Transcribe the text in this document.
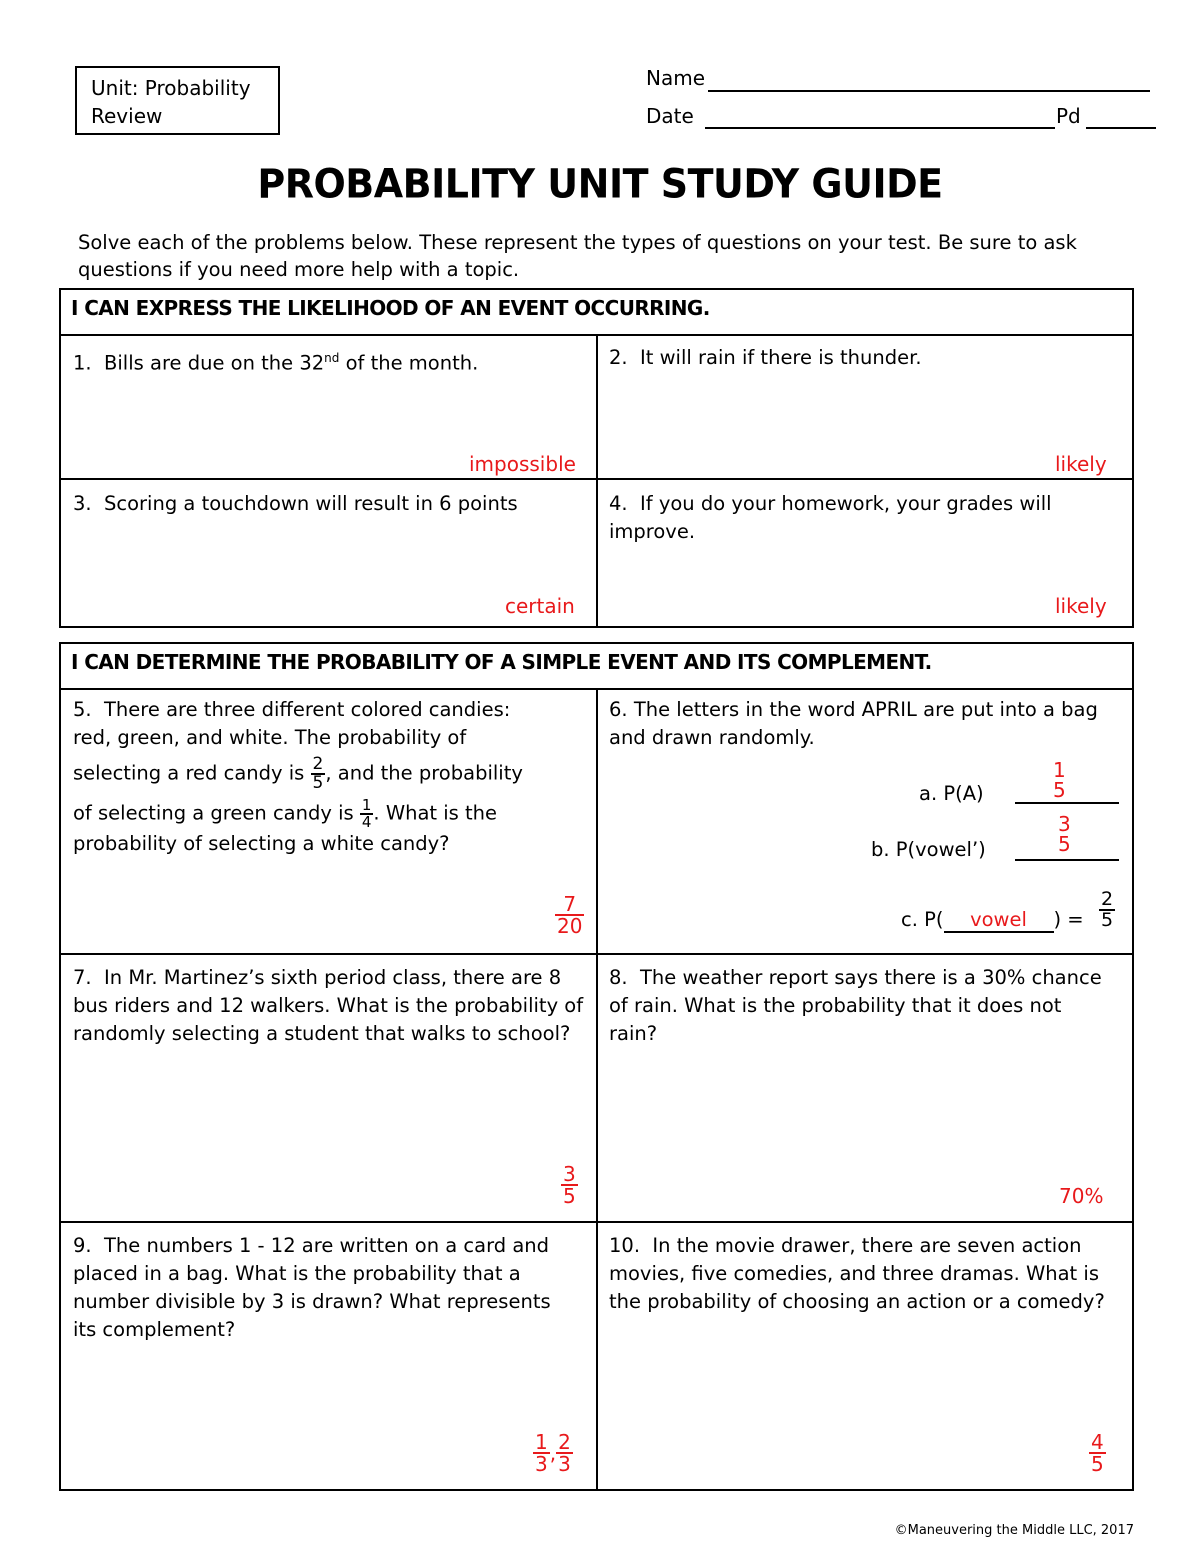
Unit: Probability
Review
Name
Date	Pd
PROBABILITY UNIT STUDY GUIDE
Solve each of the problems below. These represent the types of questions on your test. Be sure to ask questions if you need more help with a topic.
I CAN EXPRESS THE LIKELIHOOD OF AN EVENT OCCURRING.
1. Bills are due on the 32nd of the month.
impossible
2. It will rain if there is thunder.
likely
3. Scoring a touchdown will result in 6 points
certain
4. If you do your homework, your grades will improve.
likely
I CAN DETERMINE THE PROBABILITY OF A SIMPLE EVENT AND ITS COMPLEMENT.
5. There are three different colored candies:
red, green, and white. The probability of
selecting a red candy is $\frac{2}{5}$ , and the probability
of selecting a green candy is $\frac{1}{4}$ . What is the
probability of selecting a white candy?
$\frac{7}{20}$
6. The letters in the word APRIL are put into a bag and drawn randomly.
a. P(A)
1
5
b. P(vowel’)
3
5
c. P( vowel ) = $\frac{2}{5}$
7. In Mr. Martinez’s sixth period class, there are 8 bus riders and 12 walkers. What is the probability of randomly selecting a student that walks to school?
$\frac{3}{5}$
8. The weather report says there is a 30% chance of rain. What is the probability that it does not rain?
70%
9. The numbers 1 - 12 are written on a card and placed in a bag. What is the probability that a number divisible by 3 is drawn? What represents its complement?
$\frac{1}{3}$ , $\frac{2}{3}$
10. In the movie drawer, there are seven action movies, five comedies, and three dramas. What is the probability of choosing an action or a comedy?
$\frac{4}{5}$
©Maneuvering the Middle LLC, 2017
